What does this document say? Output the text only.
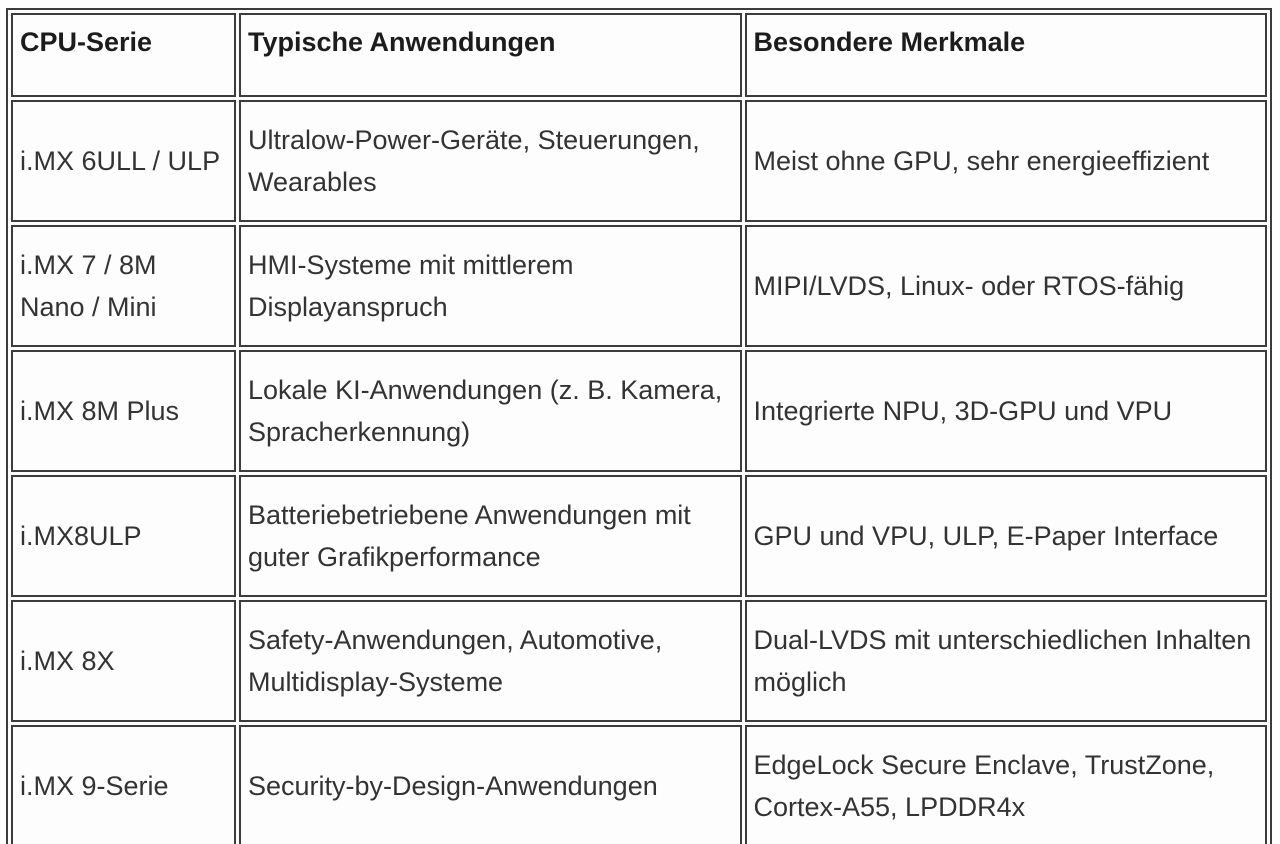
CPU-Serie	Typische Anwendungen	Besondere Merkmale
i.MX 6ULL / ULP	Ultralow-Power-Geräte, Steuerungen, Wearables	Meist ohne GPU, sehr energieeffizient
i.MX 7 / 8M Nano / Mini	HMI-Systeme mit mittlerem Displayanspruch	MIPI/LVDS, Linux- oder RTOS-fähig
i.MX 8M Plus	Lokale KI-Anwendungen (z. B. Kamera, Spracherkennung)	Integrierte NPU, 3D-GPU und VPU
i.MX8ULP	Batteriebetriebene Anwendungen mit guter Grafikperformance	GPU und VPU, ULP, E-Paper Interface
i.MX 8X	Safety-Anwendungen, Automotive, Multidisplay-Systeme	Dual-LVDS mit unterschiedlichen Inhalten möglich
i.MX 9-Serie	Security-by-Design-Anwendungen	EdgeLock Secure Enclave, TrustZone, Cortex-A55, LPDDR4x
